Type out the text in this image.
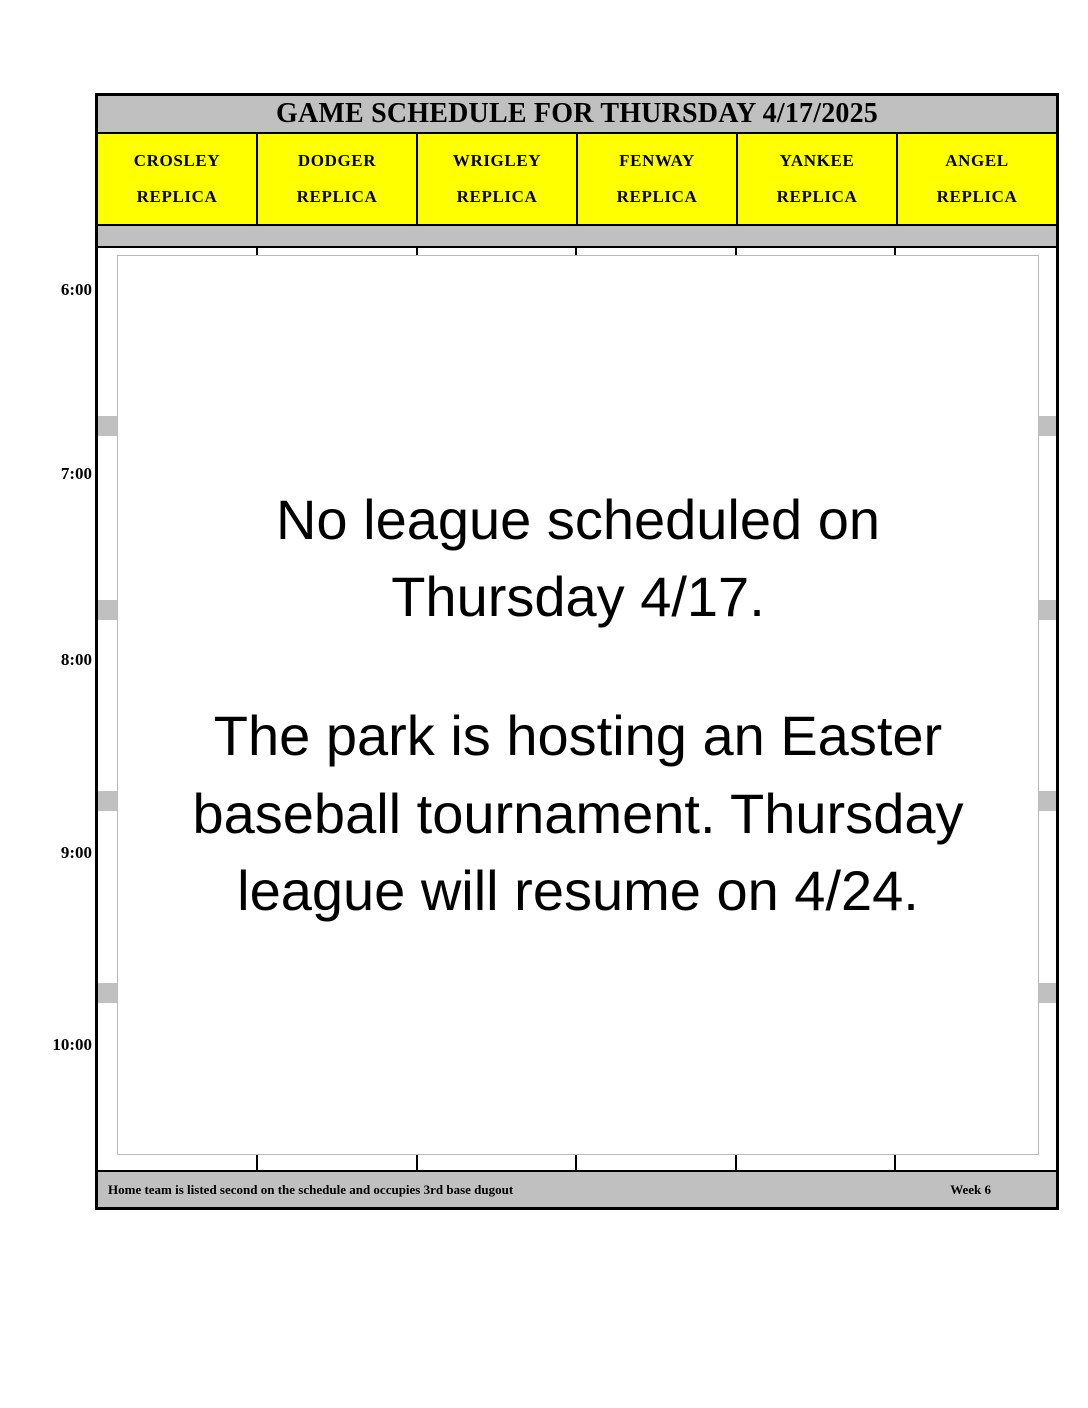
6:00
7:00
8:00
9:00
10:00
GAME SCHEDULE FOR THURSDAY 4/17/2025
CROSLEY
REPLICA
DODGER
REPLICA
WRIGLEY
REPLICA
FENWAY
REPLICA
YANKEE
REPLICA
ANGEL
REPLICA
Home team is listed second on the schedule and occupies 3rd base dugout	Week 6

No league scheduled on Thursday 4/17.

The park is hosting an Easter baseball tournament. Thursday league will resume on 4/24.
